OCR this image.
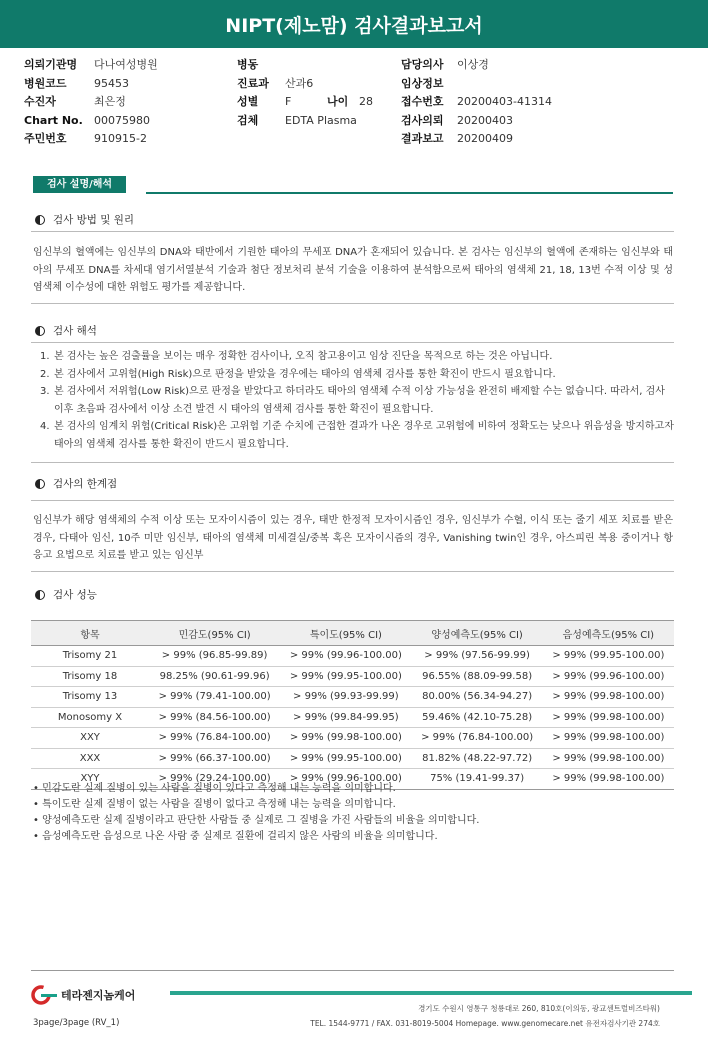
NIPT(제노맘) 검사결과보고서
의뢰기관명	다나여성병원
병원코드	95453
수진자	최은정
Chart No.	00075980
주민번호	910915-2
병동
진료과	산과6
성별	F	나이 28
검체	EDTA Plasma
담당의사	이상경
임상정보
접수번호	20200403-41314
검사의뢰	20200403
결과보고	20200409
검사 설명/해석
검사 방법 및 원리
임신부의 혈액에는 임신부의 DNA와 태반에서 기원한 태아의 무세포 DNA가 혼재되어 있습니다. 본 검사는 임신부의 혈액에 존재하는 임신부와 태아의 무세포 DNA를 차세대 염기서열분석 기술과 첨단 정보처리 분석 기술을 이용하여 분석함으로써 태아의 염색체 21, 18, 13번 수적 이상 및 성염색체 이수성에 대한 위험도 평가를 제공합니다.
검사 해석
1. 본 검사는 높은 검출률을 보이는 매우 정확한 검사이나, 오직 참고용이고 임상 진단을 목적으로 하는 것은 아닙니다.
2. 본 검사에서 고위험(High Risk)으로 판정을 받았을 경우에는 태아의 염색체 검사를 통한 확진이 반드시 필요합니다.
3. 본 검사에서 저위험(Low Risk)으로 판정을 받았다고 하더라도 태아의 염색체 수적 이상 가능성을 완전히 배제할 수는 없습니다. 따라서, 검사 이후 초음파 검사에서 이상 소견 발견 시 태아의 염색체 검사를 통한 확진이 필요합니다.
4. 본 검사의 임계치 위험(Critical Risk)은 고위험 기준 수치에 근접한 결과가 나온 경우로 고위험에 비하여 정확도는 낮으나 위음성을 방지하고자 태아의 염색체 검사를 통한 확진이 반드시 필요합니다.
검사의 한계점
임신부가 해당 염색체의 수적 이상 또는 모자이시즘이 있는 경우, 태반 한정적 모자이시즘인 경우, 임신부가 수혈, 이식 또는 줄기 세포 치료를 받은 경우, 다태아 임신, 10주 미만 임신부, 태아의 염색체 미세결실/중복 혹은 모자이시즘의 경우, Vanishing twin인 경우, 아스피린 복용 중이거나 항 응고 요법으로 치료를 받고 있는 임신부
검사 성능
항목	민감도(95% CI)	특이도(95% CI)	양성예측도(95% CI)	음성예측도(95% CI)
Trisomy 21	> 99% (96.85-99.89)	> 99% (99.96-100.00)	> 99% (97.56-99.99)	> 99% (99.95-100.00)
Trisomy 18	98.25% (90.61-99.96)	> 99% (99.95-100.00)	96.55% (88.09-99.58)	> 99% (99.96-100.00)
Trisomy 13	> 99% (79.41-100.00)	> 99% (99.93-99.99)	80.00% (56.34-94.27)	> 99% (99.98-100.00)
Monosomy X	> 99% (84.56-100.00)	> 99% (99.84-99.95)	59.46% (42.10-75.28)	> 99% (99.98-100.00)
XXY	> 99% (76.84-100.00)	> 99% (99.98-100.00)	> 99% (76.84-100.00)	> 99% (99.98-100.00)
XXX	> 99% (66.37-100.00)	> 99% (99.95-100.00)	81.82% (48.22-97.72)	> 99% (99.98-100.00)
XYY	> 99% (29.24-100.00)	> 99% (99.96-100.00)	75% (19.41-99.37)	> 99% (99.98-100.00)
• 민감도란 실제 질병이 있는 사람을 질병이 있다고 측정해 내는 능력을 의미합니다.
• 특이도란 실제 질병이 없는 사람을 질병이 없다고 측정해 내는 능력을 의미합니다.
• 양성예측도란 실제 질병이라고 판단한 사람들 중 실제로 그 질병을 가진 사람들의 비율을 의미합니다.
• 음성예측도란 음성으로 나온 사람 중 실제로 질환에 걸리지 않은 사람의 비율을 의미합니다.
테라젠지놈케어
경기도 수원시 영통구 청룡대로 260, 810호(이의동, 광교센트럴비즈타워)
TEL. 1544-9771 / FAX. 031-8019-5004 Homepage. www.genomecare.net 유전자검사기관 274호
3page/3page (RV_1)
